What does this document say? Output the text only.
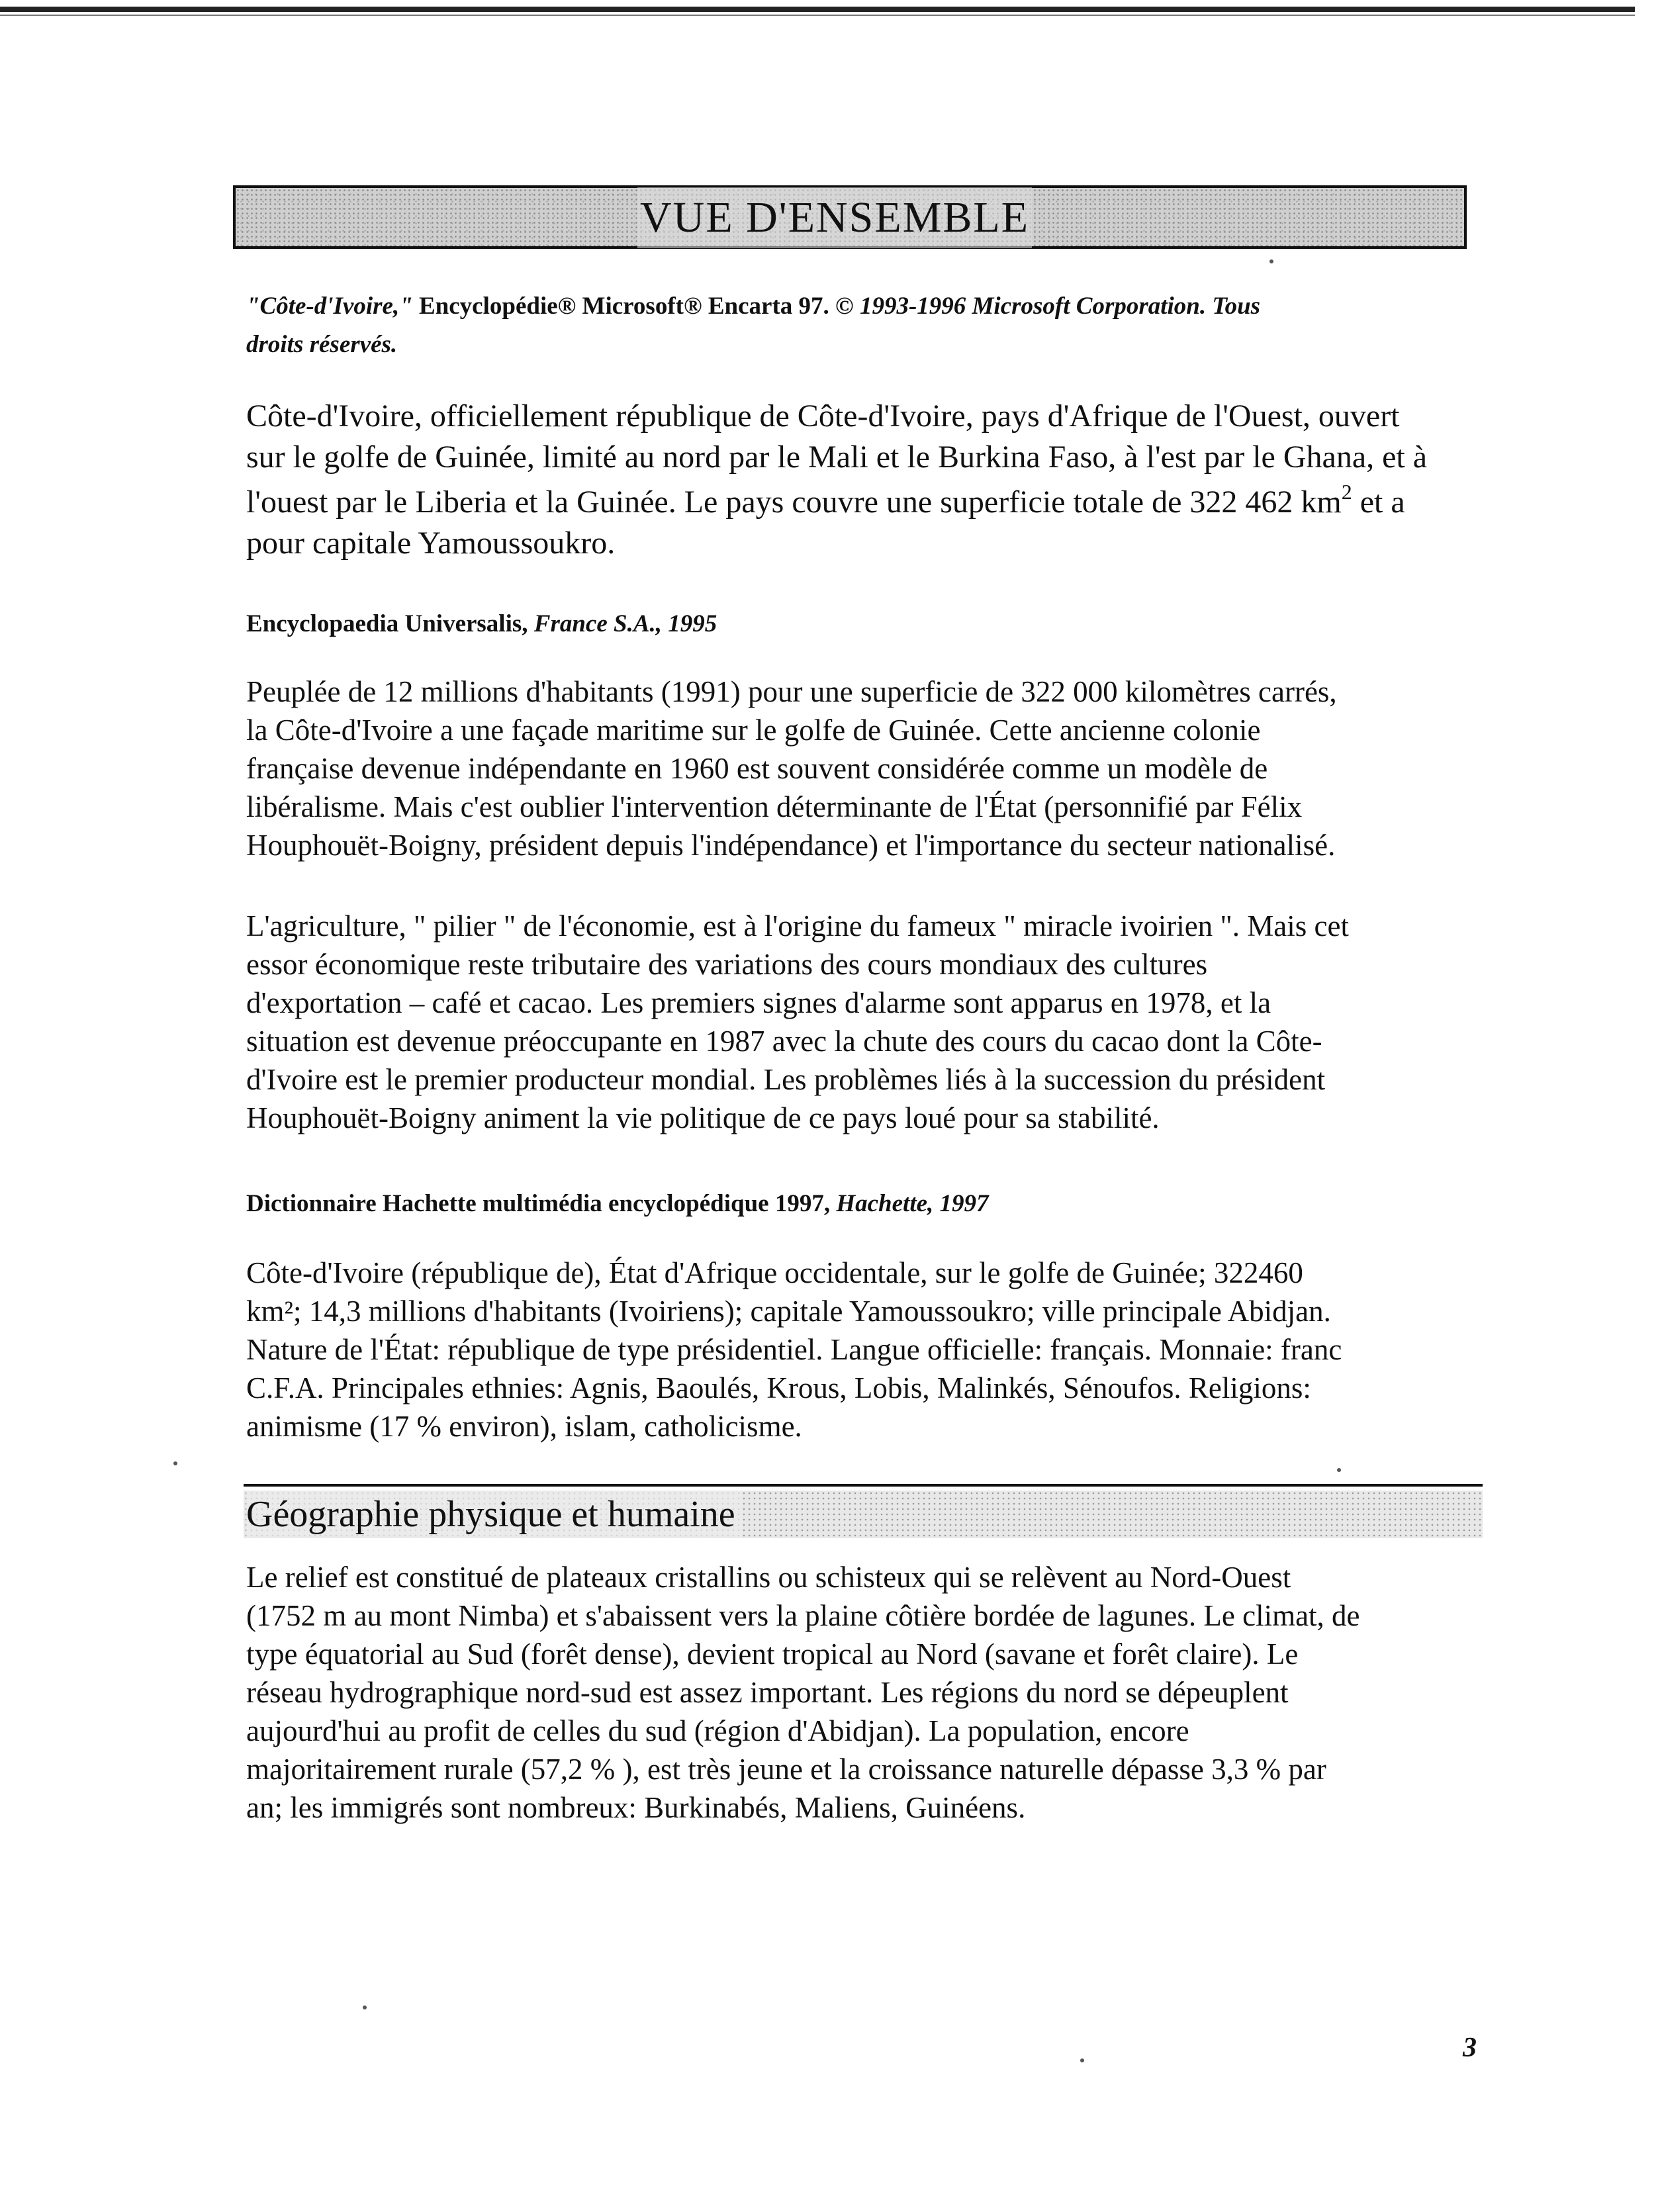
VUE D'ENSEMBLE
"Côte-d'Ivoire," Encyclopédie® Microsoft® Encarta 97. © 1993-1996 Microsoft Corporation. Tous
droits réservés.
Côte-d'Ivoire, officiellement république de Côte-d'Ivoire, pays d'Afrique de l'Ouest, ouvert
sur le golfe de Guinée, limité au nord par le Mali et le Burkina Faso, à l'est par le Ghana, et à
l'ouest par le Liberia et la Guinée. Le pays couvre une superficie totale de 322 462 $km^2$ et a
pour capitale Yamoussoukro.
Encyclopaedia Universalis, France S.A., 1995
Peuplée de 12 millions d'habitants (1991) pour une superficie de 322 000 kilomètres carrés,
la Côte-d'Ivoire a une façade maritime sur le golfe de Guinée. Cette ancienne colonie
française devenue indépendante en 1960 est souvent considérée comme un modèle de
libéralisme. Mais c'est oublier l'intervention déterminante de l'État (personnifié par Félix
Houphouët-Boigny, président depuis l'indépendance) et l'importance du secteur nationalisé.
L'agriculture, " pilier " de l'économie, est à l'origine du fameux " miracle ivoirien ". Mais cet
essor économique reste tributaire des variations des cours mondiaux des cultures
d'exportation – café et cacao. Les premiers signes d'alarme sont apparus en 1978, et la
situation est devenue préoccupante en 1987 avec la chute des cours du cacao dont la Côte-
d'Ivoire est le premier producteur mondial. Les problèmes liés à la succession du président
Houphouët-Boigny animent la vie politique de ce pays loué pour sa stabilité.
Dictionnaire Hachette multimédia encyclopédique 1997, Hachette, 1997
Côte-d'Ivoire (république de), État d'Afrique occidentale, sur le golfe de Guinée; 322460
km²; 14,3 millions d'habitants (Ivoiriens); capitale Yamoussoukro; ville principale Abidjan.
Nature de l'État: république de type présidentiel. Langue officielle: français. Monnaie: franc
C.F.A. Principales ethnies: Agnis, Baoulés, Krous, Lobis, Malinkés, Sénoufos. Religions:
animisme (17 % environ), islam, catholicisme.
Géographie physique et humaine
Le relief est constitué de plateaux cristallins ou schisteux qui se relèvent au Nord-Ouest
(1752 m au mont Nimba) et s'abaissent vers la plaine côtière bordée de lagunes. Le climat, de
type équatorial au Sud (forêt dense), devient tropical au Nord (savane et forêt claire). Le
réseau hydrographique nord-sud est assez important. Les régions du nord se dépeuplent
aujourd'hui au profit de celles du sud (région d'Abidjan). La population, encore
majoritairement rurale (57,2 % ), est très jeune et la croissance naturelle dépasse 3,3 % par
an; les immigrés sont nombreux: Burkinabés, Maliens, Guinéens.
3
